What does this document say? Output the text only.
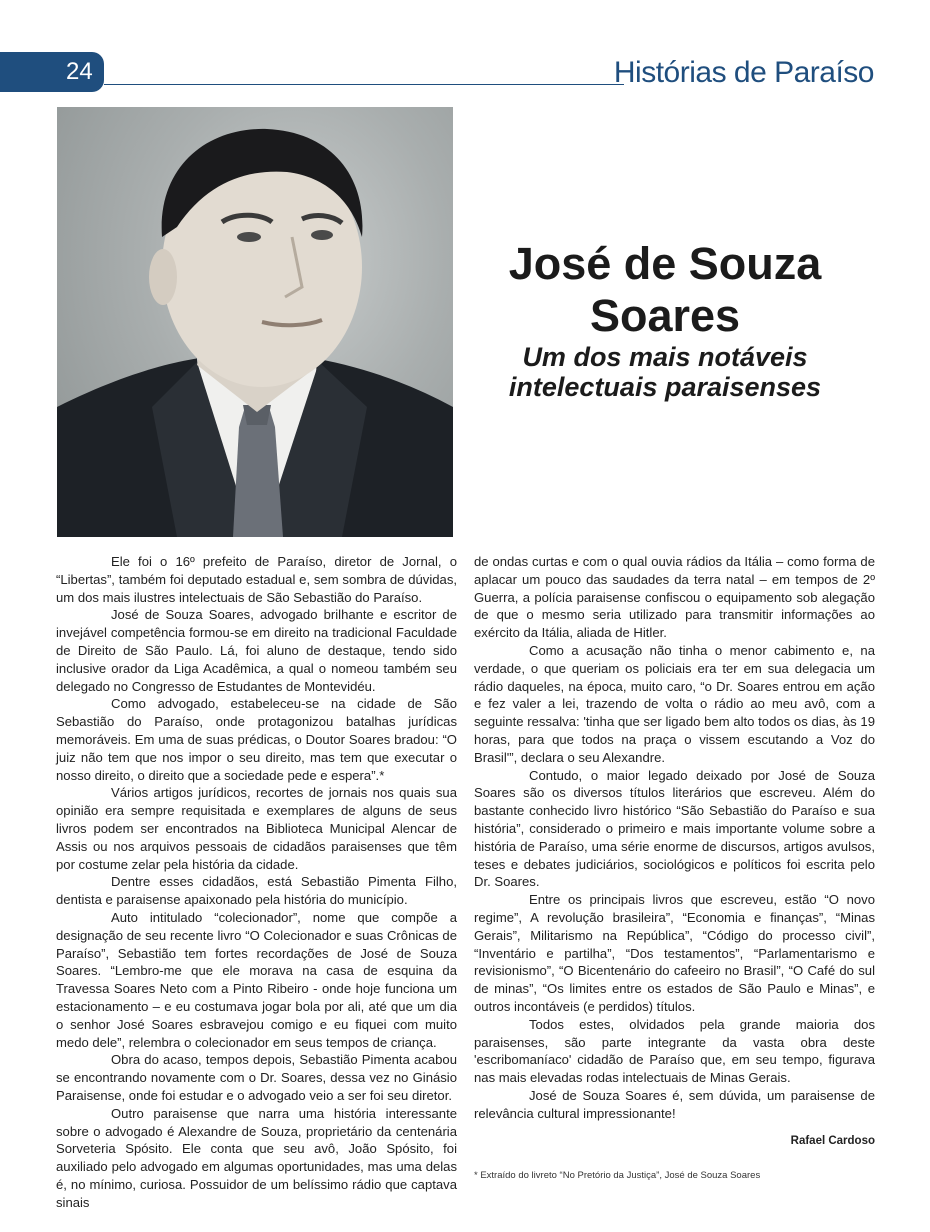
24	Histórias de Paraíso
José de Souza
Soares
Um dos mais notáveis
intelectuais paraisenses

Ele foi o 16º prefeito de Paraíso, diretor de Jornal, o “Libertas”, também foi deputado estadual e, sem sombra de dúvidas, um dos mais ilustres intelectuais de São Sebastião do Paraíso.

José de Souza Soares, advogado brilhante e escritor de invejável competência formou-se em direito na tradicional Faculdade de Direito de São Paulo. Lá, foi aluno de destaque, tendo sido inclusive orador da Liga Acadêmica, a qual o nomeou também seu delegado no Congresso de Estudantes de Montevidéu.

Como advogado, estabeleceu-se na cidade de São Sebastião do Paraíso, onde protagonizou batalhas jurídicas memoráveis. Em uma de suas prédicas, o Doutor Soares bradou: “O juiz não tem que nos impor o seu direito, mas tem que executar o nosso direito, o direito que a sociedade pede e espera”.*

Vários artigos jurídicos, recortes de jornais nos quais sua opinião era sempre requisitada e exemplares de alguns de seus livros podem ser encontrados na Biblioteca Municipal Alencar de Assis ou nos arquivos pessoais de cidadãos paraisenses que têm por costume zelar pela história da cidade.

Dentre esses cidadãos, está Sebastião Pimenta Filho, dentista e paraisense apaixonado pela história do município.

Auto intitulado “colecionador”, nome que compõe a designação de seu recente livro “O Colecionador e suas Crônicas de Paraíso”, Sebastião tem fortes recordações de José de Souza Soares. “Lembro-me que ele morava na casa de esquina da Travessa Soares Neto com a Pinto Ribeiro - onde hoje funciona um estacionamento – e eu costumava jogar bola por ali, até que um dia o senhor José Soares esbravejou comigo e eu fiquei com muito medo dele”, relembra o colecionador em seus tempos de criança.

Obra do acaso, tempos depois, Sebastião Pimenta acabou se encontrando novamente com o Dr. Soares, dessa vez no Ginásio Paraisense, onde foi estudar e o advogado veio a ser foi seu diretor.

Outro paraisense que narra uma história interessante sobre o advogado é Alexandre de Souza, proprietário da centenária Sorveteria Spósito. Ele conta que seu avô, João Spósito, foi auxiliado pelo advogado em algumas oportunidades, mas uma delas é, no mínimo, curiosa. Possuidor de um belíssimo rádio que captava sinais

de ondas curtas e com o qual ouvia rádios da Itália – como forma de aplacar um pouco das saudades da terra natal – em tempos de 2º Guerra, a polícia paraisense confiscou o equipamento sob alegação de que o mesmo seria utilizado para transmitir informações ao exército da Itália, aliada de Hitler.

Como a acusação não tinha o menor cabimento e, na verdade, o que queriam os policiais era ter em sua delegacia um rádio daqueles, na época, muito caro, “o Dr. Soares entrou em ação e fez valer a lei, trazendo de volta o rádio ao meu avô, com a seguinte ressalva: 'tinha que ser ligado bem alto todos os dias, às 19 horas, para que todos na praça o vissem escutando a Voz do Brasil'”, declara o seu Alexandre.

Contudo, o maior legado deixado por José de Souza Soares são os diversos títulos literários que escreveu. Além do bastante conhecido livro histórico “São Sebastião do Paraíso e sua história”, considerado o primeiro e mais importante volume sobre a história de Paraíso, uma série enorme de discursos, artigos avulsos, teses e debates judiciários, sociológicos e políticos foi escrita pelo Dr. Soares.

Entre os principais livros que escreveu, estão “O novo regime”, A revolução brasileira”, “Economia e finanças”, “Minas Gerais”, Militarismo na República”, “Código do processo civil”, “Inventário e partilha”, “Dos testamentos”, “Parlamentarismo e revisionismo”, “O Bicentenário do cafeeiro no Brasil”, “O Café do sul de minas”, “Os limites entre os estados de São Paulo e Minas”, e outros incontáveis (e perdidos) títulos.

Todos estes, olvidados pela grande maioria dos paraisenses, são parte integrante da vasta obra deste 'escribomaníaco' cidadão de Paraíso que, em seu tempo, figurava nas mais elevadas rodas intelectuais de Minas Gerais.

José de Souza Soares é, sem dúvida, um paraisense de relevância cultural impressionante!

Rafael Cardoso

* Extraído do livreto “No Pretório da Justiça”, José de Souza Soares
